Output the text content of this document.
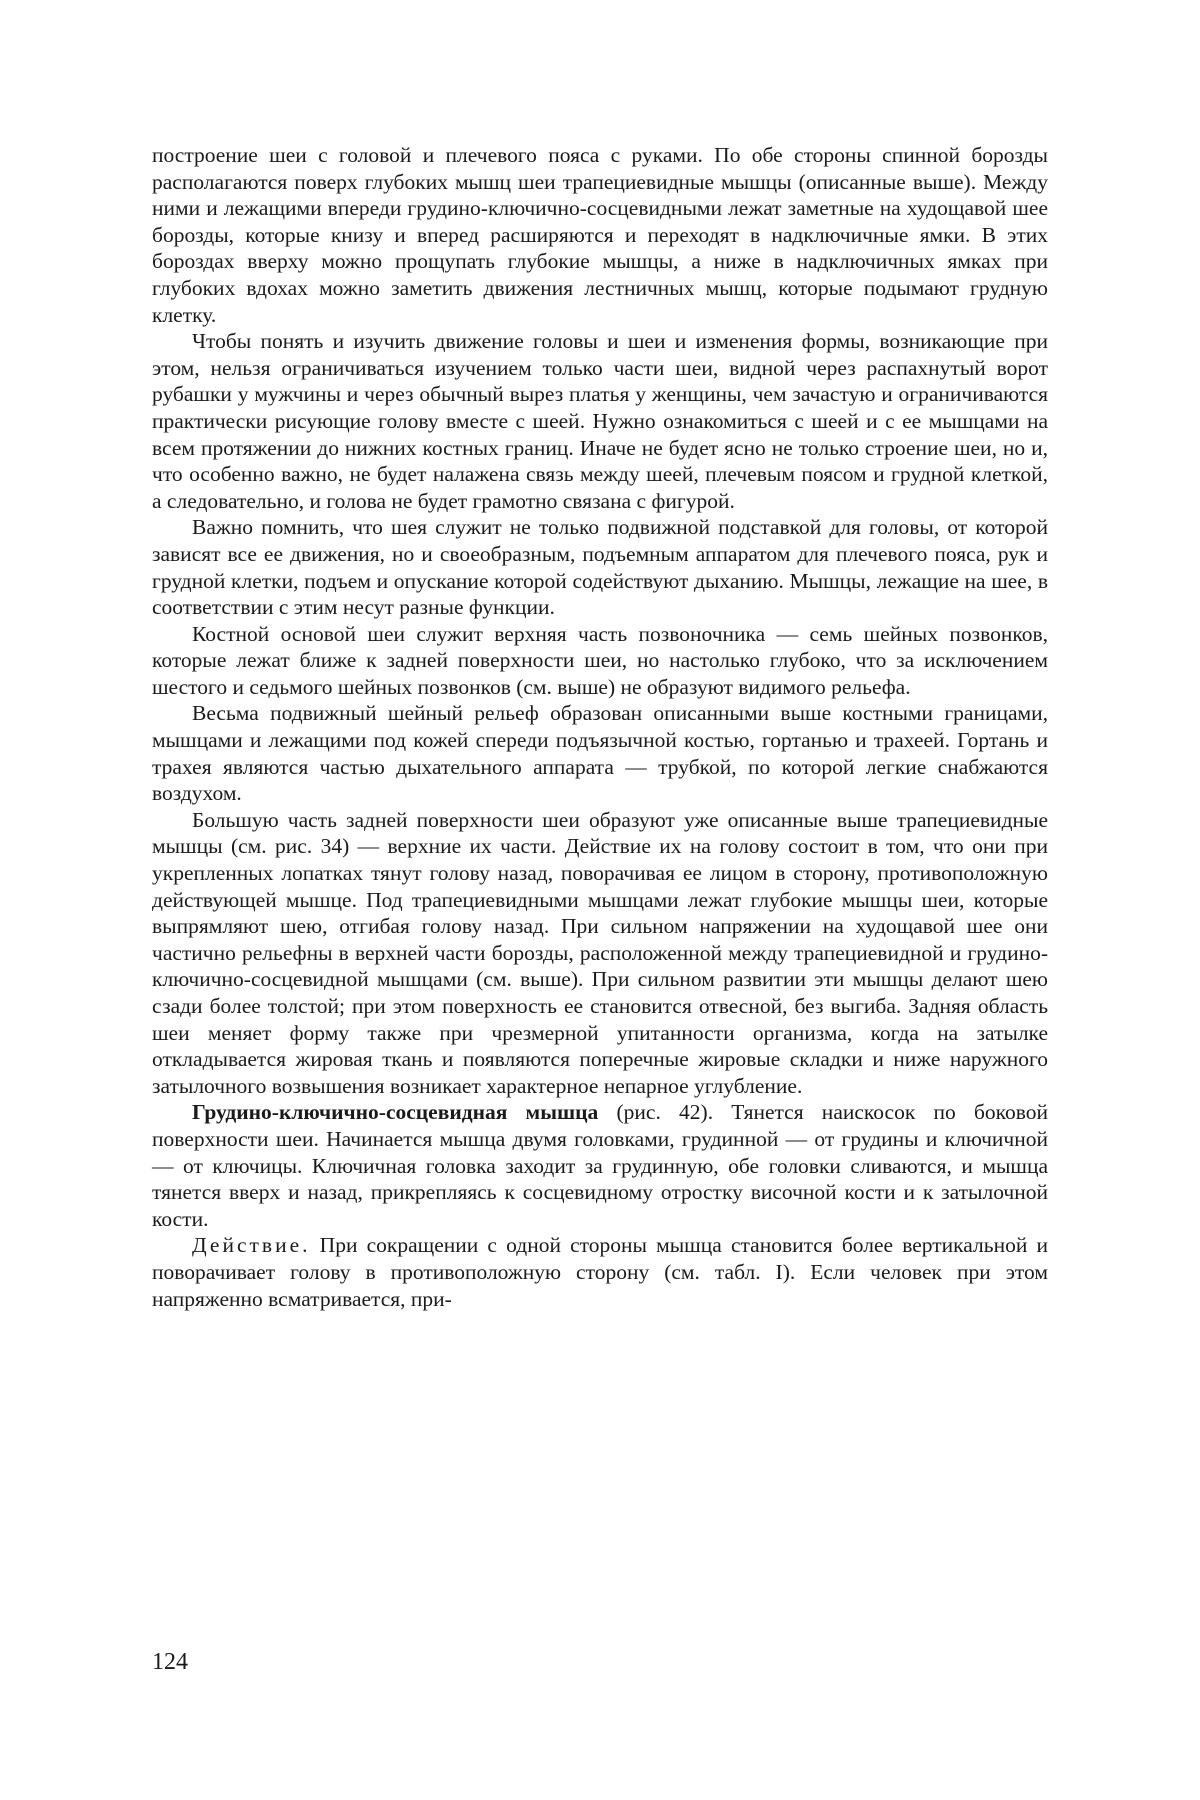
построение шеи с головой и плечевого пояса с руками. По обе стороны спинной борозды располагаются поверх глубоких мышц шеи трапециевидные мышцы (описанные выше). Между ними и лежащими впереди грудино-ключично-сосцевидными лежат заметные на худощавой шее борозды, которые книзу и вперед расширяются и переходят в надключичные ямки. В этих бороздах вверху можно прощупать глубокие мышцы, а ниже в надключичных ямках при глубоких вдохах можно заметить движения лестничных мышц, которые подымают грудную клетку.

Чтобы понять и изучить движение головы и шеи и изменения формы, возникающие при этом, нельзя ограничиваться изучением только части шеи, видной через распахнутый ворот рубашки у мужчины и через обычный вырез платья у женщины, чем зачастую и ограничиваются практически рисующие голову вместе с шеей. Нужно ознакомиться с шеей и с ее мышцами на всем протяжении до нижних костных границ. Иначе не будет ясно не только строение шеи, но и, что особенно важно, не будет налажена связь между шеей, плечевым поясом и грудной клеткой, а следовательно, и голова не будет грамотно связана с фигурой.

Важно помнить, что шея служит не только подвижной подставкой для головы, от которой зависят все ее движения, но и своеобразным, подъемным аппаратом для плечевого пояса, рук и грудной клетки, подъем и опускание которой содействуют дыханию. Мышцы, лежащие на шее, в соответствии с этим несут разные функции.

Костной основой шеи служит верхняя часть позвоночника — семь шейных позвонков, которые лежат ближе к задней поверхности шеи, но настолько глубоко, что за исключением шестого и седьмого шейных позвонков (см. выше) не образуют видимого рельефа.

Весьма подвижный шейный рельеф образован описанными выше костными границами, мышцами и лежащими под кожей спереди подъязычной костью, гортанью и трахеей. Гортань и трахея являются частью дыхательного аппарата — трубкой, по которой легкие снабжаются воздухом.

Большую часть задней поверхности шеи образуют уже описанные выше трапециевидные мышцы (см. рис. 34) — верхние их части. Действие их на голову состоит в том, что они при укрепленных лопатках тянут голову назад, поворачивая ее лицом в сторону, противоположную действующей мышце. Под трапециевидными мышцами лежат глубокие мышцы шеи, которые выпрямляют шею, отгибая голову назад. При сильном напряжении на худощавой шее они частично рельефны в верхней части борозды, расположенной между трапециевидной и грудино-ключично-сосцевидной мышцами (см. выше). При сильном развитии эти мышцы делают шею сзади более толстой; при этом поверхность ее становится отвесной, без выгиба. Задняя область шеи меняет форму также при чрезмерной упитанности организма, когда на затылке откладывается жировая ткань и появляются поперечные жировые складки и ниже наружного затылочного возвышения возникает характерное непарное углубление.

Грудино-ключично-сосцевидная мышца (рис. 42). Тянется наискосок по боковой поверхности шеи. Начинается мышца двумя головками, грудинной — от грудины и ключичной — от ключицы. Ключичная головка заходит за грудинную, обе головки сливаются, и мышца тянется вверх и назад, прикрепляясь к сосцевидному отростку височной кости и к затылочной кости.

Действие. При сокращении с одной стороны мышца становится более вертикальной и поворачивает голову в противоположную сторону (см. табл. I). Если человек при этом напряженно всматривается, при-

124
